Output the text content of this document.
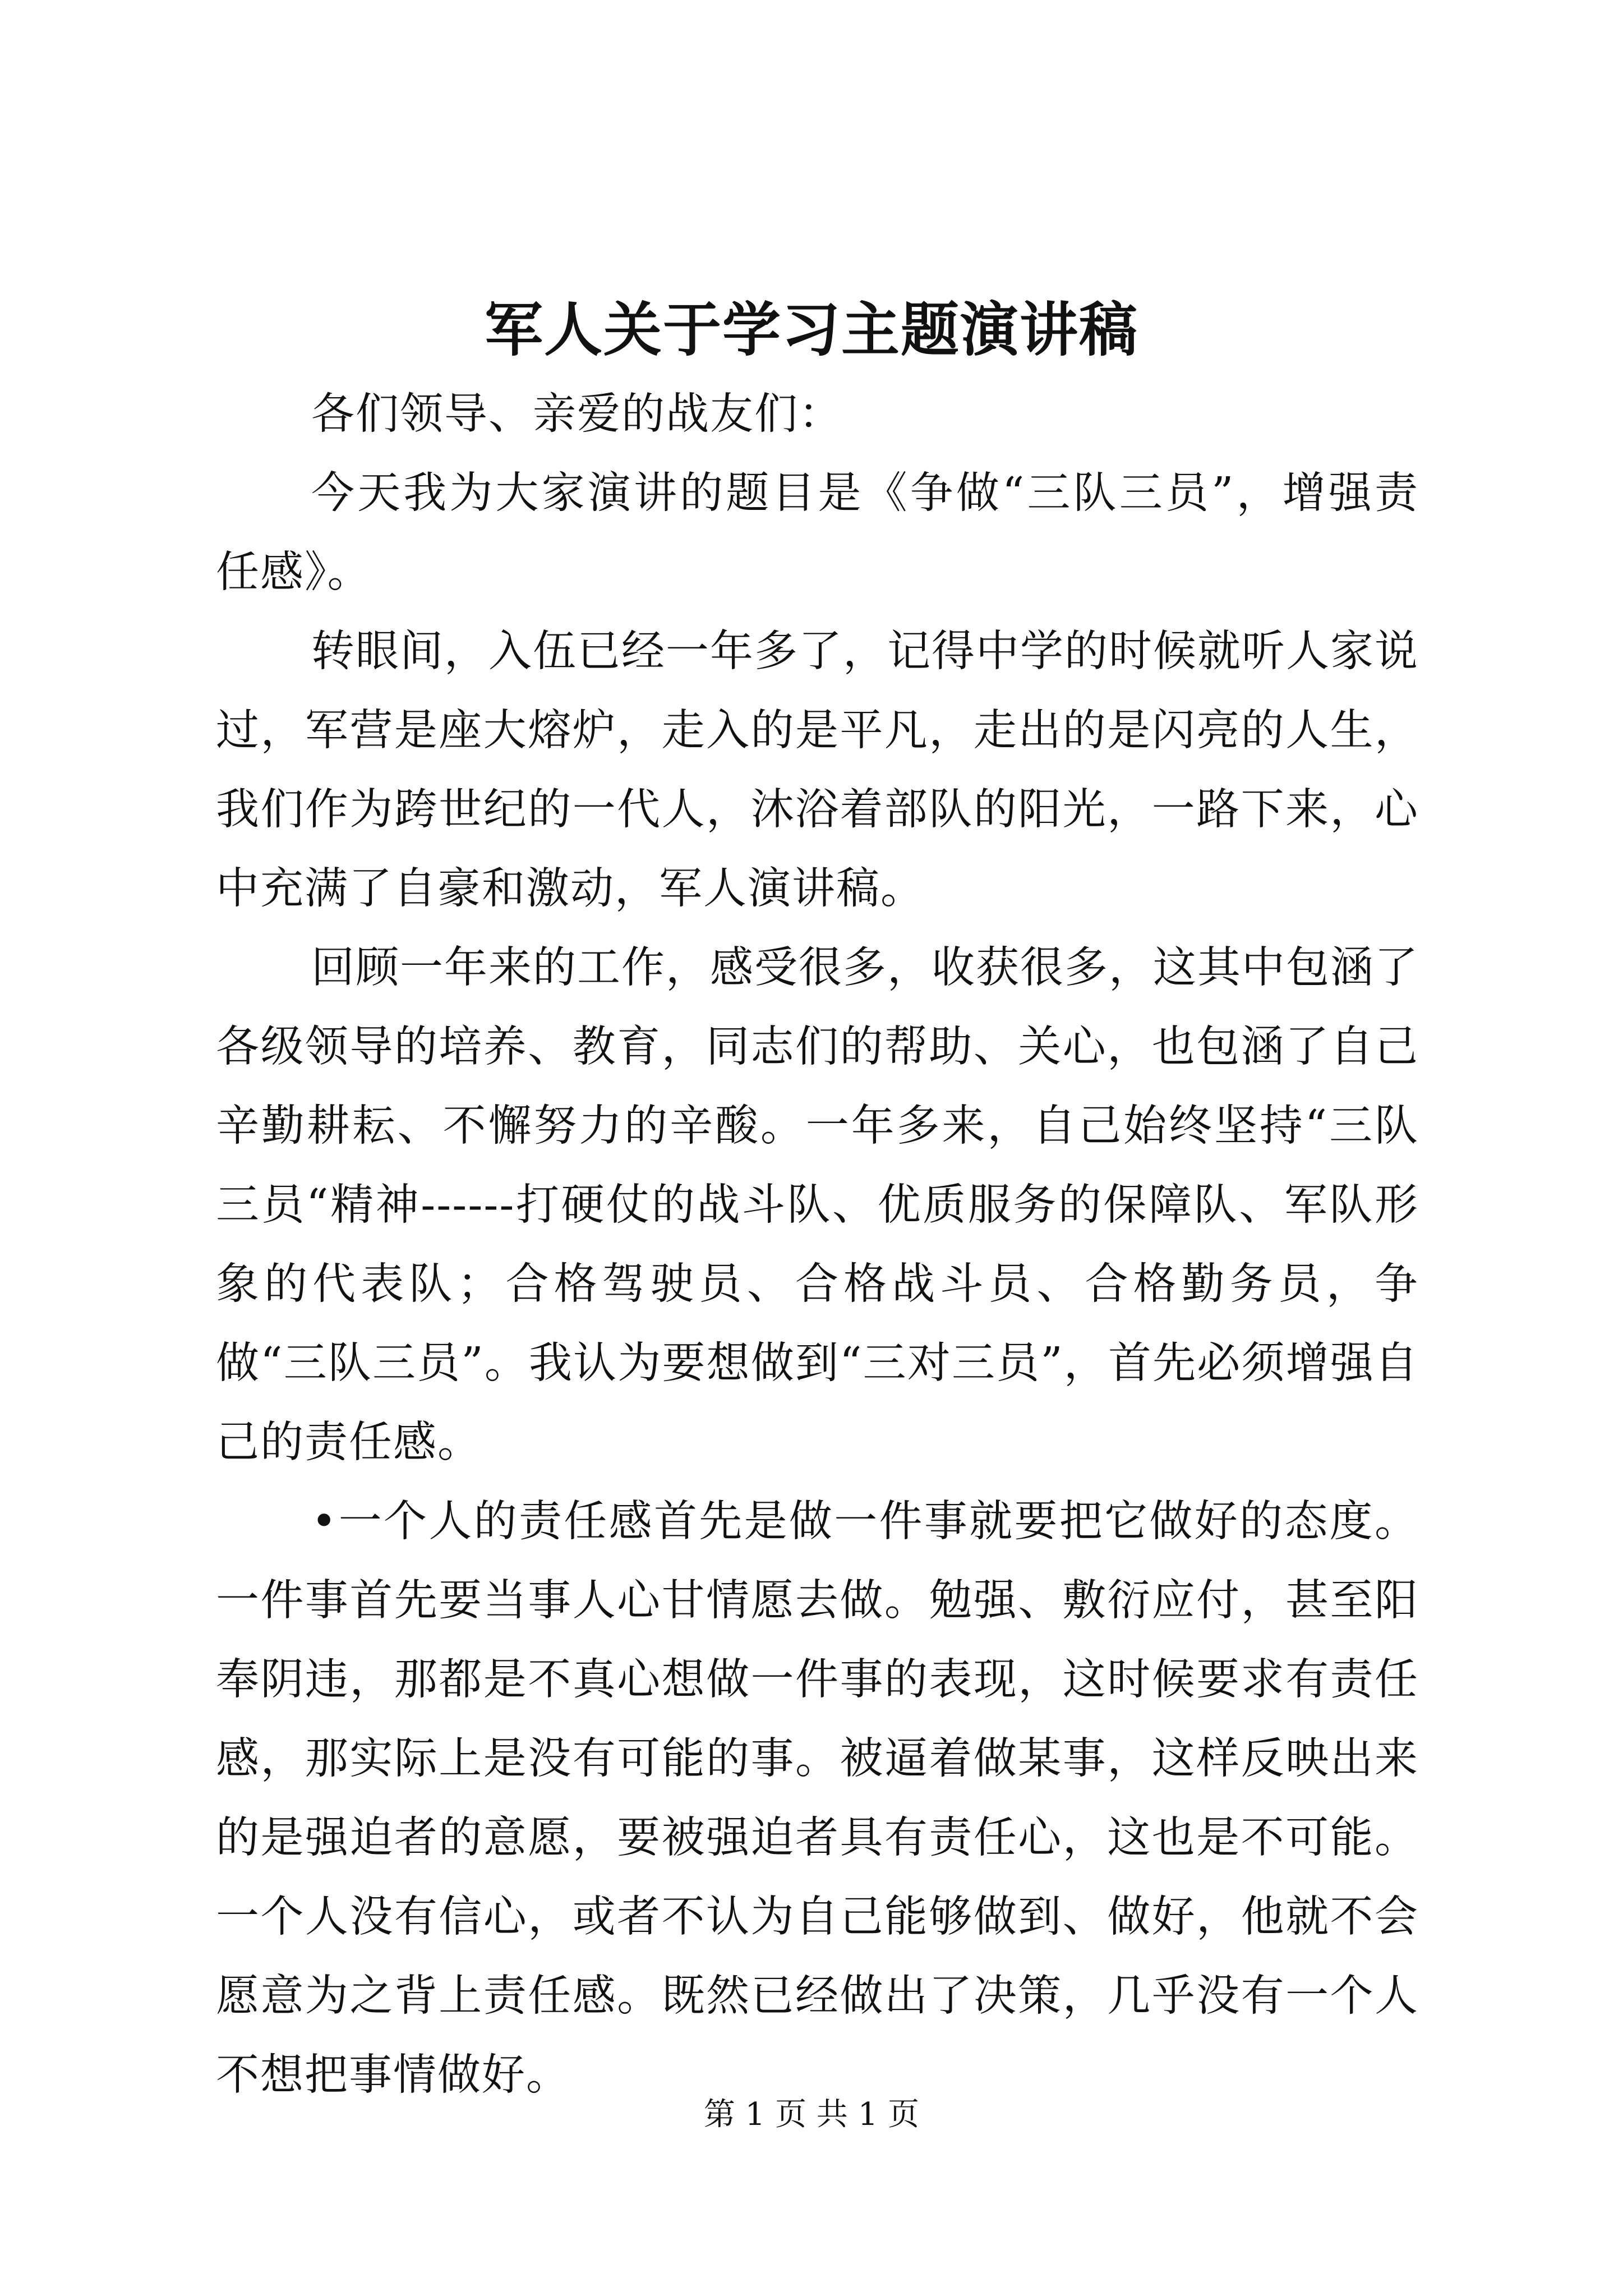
军人关于学习主题演讲稿

各们领导、亲爱的战友们：

今天我为大家演讲的题目是《争做“三队三员”，增强责任感》。

转眼间，入伍已经一年多了，记得中学的时候就听人家说过，军营是座大熔炉，走入的是平凡，走出的是闪亮的人生，我们作为跨世纪的一代人，沐浴着部队的阳光，一路下来，心中充满了自豪和激动，军人演讲稿。

回顾一年来的工作，感受很多，收获很多，这其中包涵了各级领导的培养、教育，同志们的帮助、关心，也包涵了自己辛勤耕耘、不懈努力的辛酸。一年多来，自己始终坚持“三队三员“精神------打硬仗的战斗队、优质服务的保障队、军队形象的代表队；合格驾驶员、合格战斗员、合格勤务员，争做“三队三员”。我认为要想做到“三对三员”，首先必须增强自己的责任感。

•一个人的责任感首先是做一件事就要把它做好的态度。一件事首先要当事人心甘情愿去做。勉强、敷衍应付，甚至阳奉阴违，那都是不真心想做一件事的表现，这时候要求有责任感，那实际上是没有可能的事。被逼着做某事，这样反映出来的是强迫者的意愿，要被强迫者具有责任心，这也是不可能。一个人没有信心，或者不认为自己能够做到、做好，他就不会愿意为之背上责任感。既然已经做出了决策，几乎没有一个人不想把事情做好。

第 1 页 共 1 页
